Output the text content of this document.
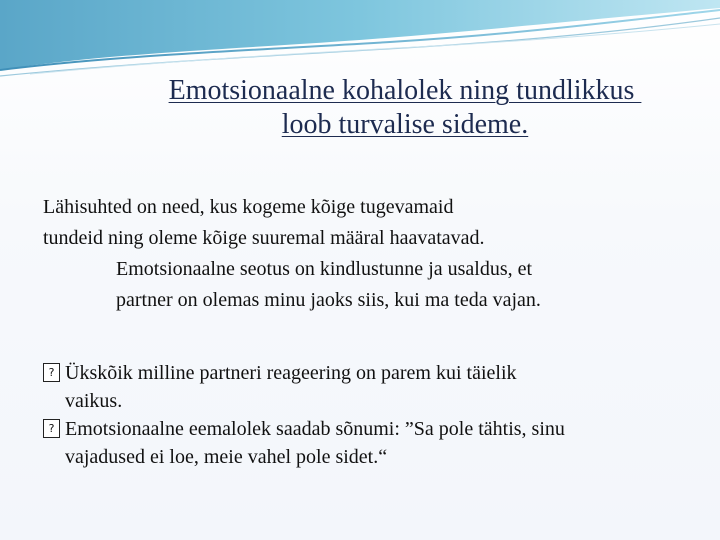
Emotsionaalne kohalolek ning tundlikkus
loob turvalise sideme.
Lähisuhted on need, kus kogeme kõige tugevamaid
tundeid ning oleme kõige suuremal määral haavatavad.
Emotsionaalne seotus on kindlustunne ja usaldus, et
partner on olemas minu jaoks siis, kui ma teda vajan.
? Ükskõik milline partneri reageering on parem kui täielik
vaikus.
? Emotsionaalne eemalolek saadab sõnumi: ”Sa pole tähtis, sinu
vajadused ei loe, meie vahel pole sidet.“
